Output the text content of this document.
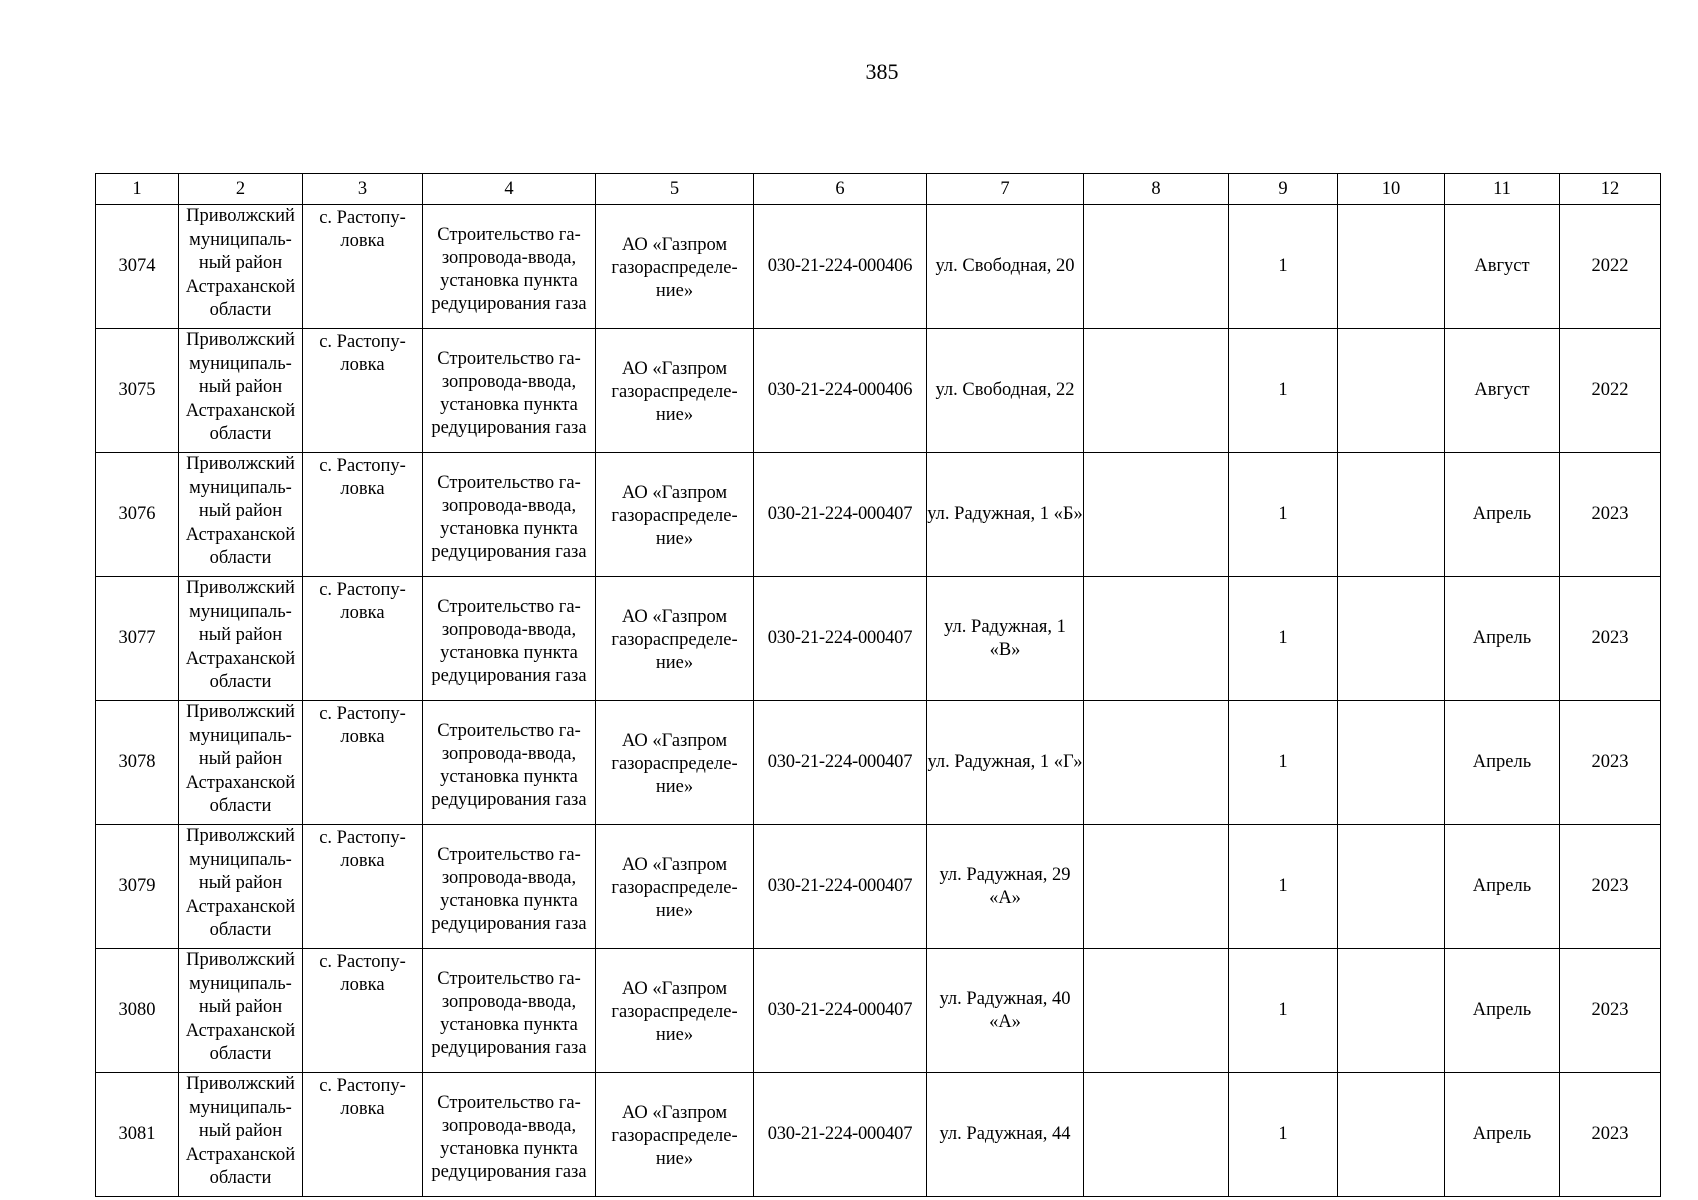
385
1	2	3	4	5	6	7	8	9	10	11	12
3074	Приволжский муниципаль- ный район Астраханской области	с. Растопу- ловка	Строительство га- зопровода-ввода, установка пункта редуцирования газа	АО «Газпром газораспределе- ние»	030-21-224-000406	ул. Свободная, 20		1		Август	2022
3075	Приволжский муниципаль- ный район Астраханской области	с. Растопу- ловка	Строительство га- зопровода-ввода, установка пункта редуцирования газа	АО «Газпром газораспределе- ние»	030-21-224-000406	ул. Свободная, 22		1		Август	2022
3076	Приволжский муниципаль- ный район Астраханской области	с. Растопу- ловка	Строительство га- зопровода-ввода, установка пункта редуцирования газа	АО «Газпром газораспределе- ние»	030-21-224-000407	ул. Радужная, 1 «Б»		1		Апрель	2023
3077	Приволжский муниципаль- ный район Астраханской области	с. Растопу- ловка	Строительство га- зопровода-ввода, установка пункта редуцирования газа	АО «Газпром газораспределе- ние»	030-21-224-000407	ул. Радужная, 1 «В»		1		Апрель	2023
3078	Приволжский муниципаль- ный район Астраханской области	с. Растопу- ловка	Строительство га- зопровода-ввода, установка пункта редуцирования газа	АО «Газпром газораспределе- ние»	030-21-224-000407	ул. Радужная, 1 «Г»		1		Апрель	2023
3079	Приволжский муниципаль- ный район Астраханской области	с. Растопу- ловка	Строительство га- зопровода-ввода, установка пункта редуцирования газа	АО «Газпром газораспределе- ние»	030-21-224-000407	ул. Радужная, 29 «А»		1		Апрель	2023
3080	Приволжский муниципаль- ный район Астраханской области	с. Растопу- ловка	Строительство га- зопровода-ввода, установка пункта редуцирования газа	АО «Газпром газораспределе- ние»	030-21-224-000407	ул. Радужная, 40 «А»		1		Апрель	2023
3081	Приволжский муниципаль- ный район Астраханской области	с. Растопу- ловка	Строительство га- зопровода-ввода, установка пункта редуцирования газа	АО «Газпром газораспределе- ние»	030-21-224-000407	ул. Радужная, 44		1		Апрель	2023
